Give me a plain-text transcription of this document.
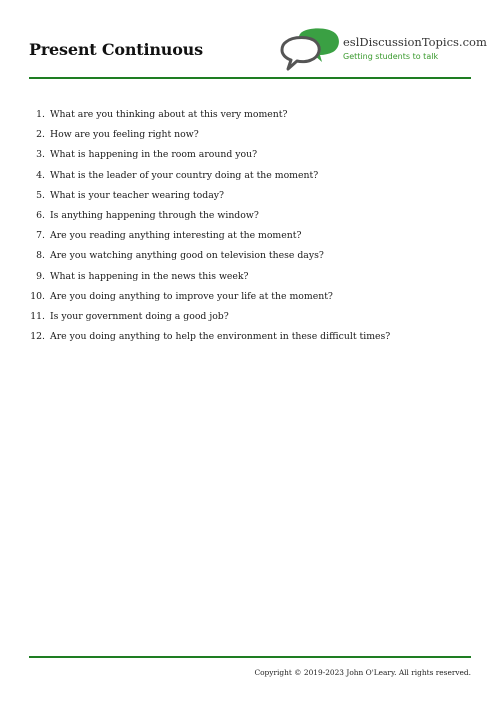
Present Continuous	eslDiscussionTopics.com
Getting students to talk
1. What are you thinking about at this very moment?
2. How are you feeling right now?
3. What is happening in the room around you?
4. What is the leader of your country doing at the moment?
5. What is your teacher wearing today?
6. Is anything happening through the window?
7. Are you reading anything interesting at the moment?
8. Are you watching anything good on television these days?
9. What is happening in the news this week?
10. Are you doing anything to improve your life at the moment?
11. Is your government doing a good job?
12. Are you doing anything to help the environment in these difficult times?
Copyright © 2019-2023 John O'Leary. All rights reserved.
